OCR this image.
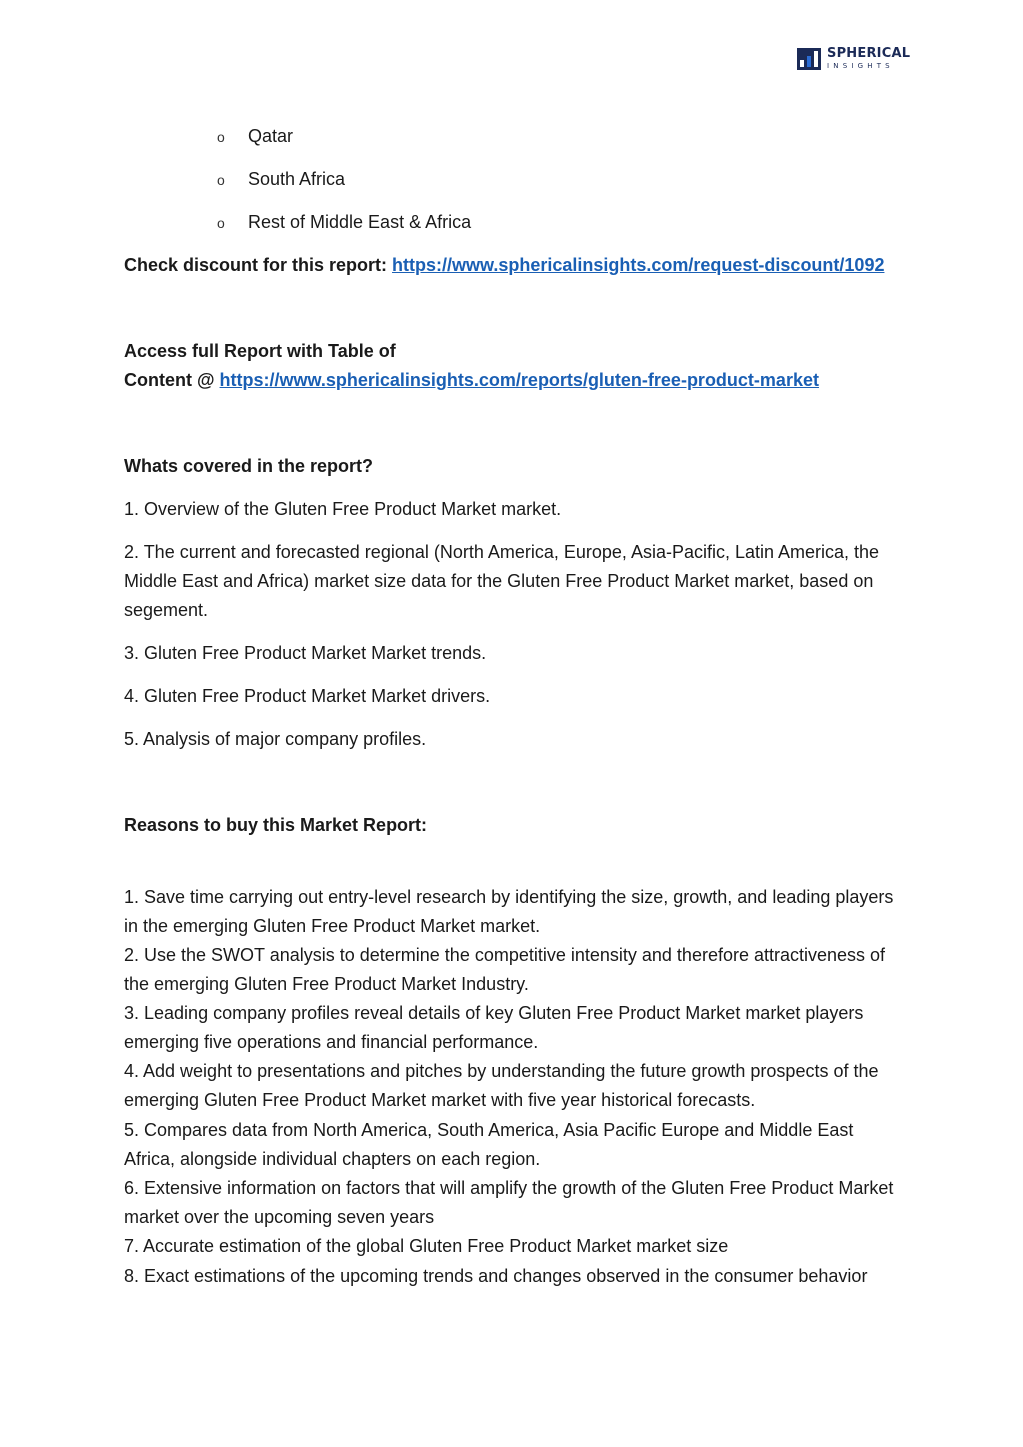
SPHERICAL
INSIGHTS
o Qatar
o South Africa
o Rest of Middle East & Africa
Check discount for this report: https://www.sphericalinsights.com/request-discount/1092
Access full Report with Table of
Content @ https://www.sphericalinsights.com/reports/gluten-free-product-market
Whats covered in the report?

1. Overview of the Gluten Free Product Market market.

2. The current and forecasted regional (North America, Europe, Asia-Pacific, Latin America, the Middle East and Africa) market size data for the Gluten Free Product Market market, based on segement.

3. Gluten Free Product Market Market trends.

4. Gluten Free Product Market Market drivers.

5. Analysis of major company profiles.

Reasons to buy this Market Report:

1. Save time carrying out entry-level research by identifying the size, growth, and leading players in the emerging Gluten Free Product Market market.

2. Use the SWOT analysis to determine the competitive intensity and therefore attractiveness of the emerging Gluten Free Product Market Industry.

3. Leading company profiles reveal details of key Gluten Free Product Market market players emerging five operations and financial performance.

4. Add weight to presentations and pitches by understanding the future growth prospects of the emerging Gluten Free Product Market market with five year historical forecasts.

5. Compares data from North America, South America, Asia Pacific Europe and Middle East Africa, alongside individual chapters on each region.

6. Extensive information on factors that will amplify the growth of the Gluten Free Product Market market over the upcoming seven years

7. Accurate estimation of the global Gluten Free Product Market market size

8. Exact estimations of the upcoming trends and changes observed in the consumer behavior
